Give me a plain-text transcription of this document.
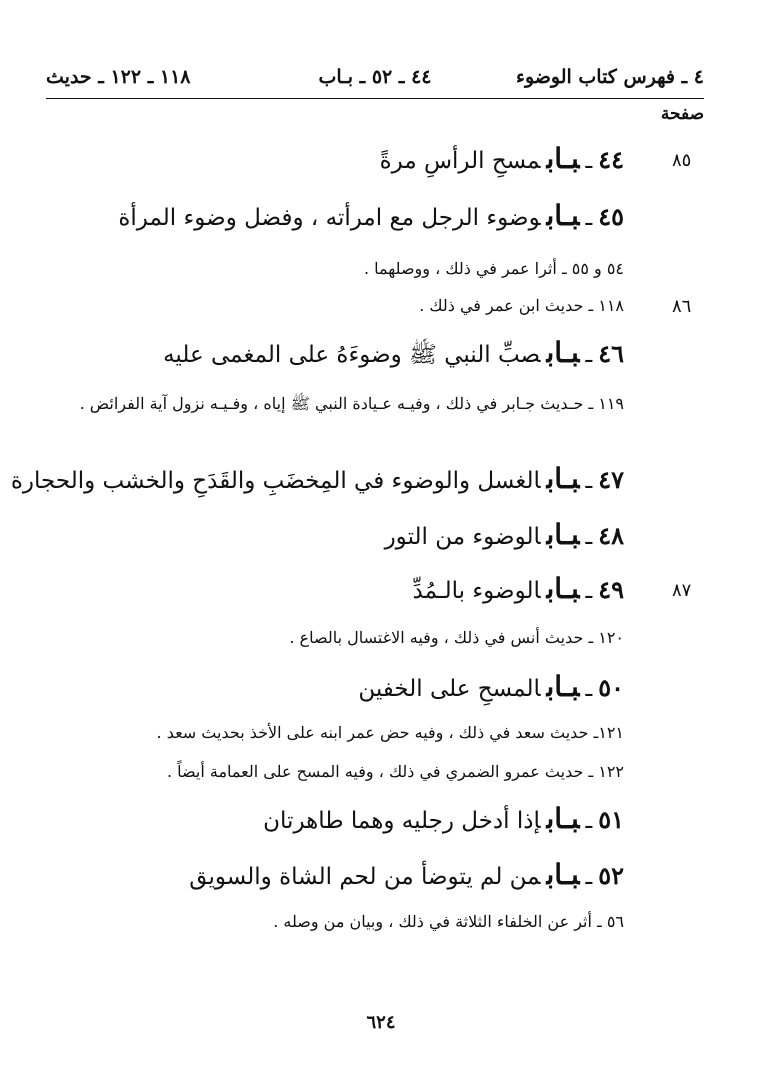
٤ ـ فهرس كتاب الوضوء
٤٤ ـ ٥٢ ـ بـاب
١١٨ ـ ١٢٢ ـ حديث
صفحة
٤٤ـبـابمسحِ الرأسِ مرةً	٨٥
٤٥ـبـابوضوء الرجل مع امرأته ، وفضل وضوء المرأة
٥٤ و ٥٥ ـ أثرا عمر في ذلك ، ووصلهما .
١١٨ ـ حديث ابن عمر في ذلك .	٨٦
٤٦ـبـابصبِّ النبي ﷺ وضوءَهُ على المغمى عليه
١١٩ ـ حـديث جـابر في ذلك ، وفيـه عـيادة النبي ﷺ إياه ، وفـيـه نزول آية الفرائض .
٤٧ـبـابالغسل والوضوء في المِخضَبِ والقَدَحِ والخشب والحجارة
٤٨ـبـابالوضوء من التور
٤٩ـبـابالوضوء بالـمُدِّ	٨٧
١٢٠ ـ حديث أنس في ذلك ، وفيه الاغتسال بالصاع .
٥٠ـبـابالمسحِ على الخفين
١٢١ـ حديث سعد في ذلك ، وفيه حض عمر ابنه على الأخذ بحديث سعد .
١٢٢ ـ حديث عمرو الضمري في ذلك ، وفيه المسح على العمامة أيضاً .
٥١ـبـابإذا أدخل رجليه وهما طاهرتان
٥٢ـبـابمن لم يتوضأ من لحم الشاة والسويق
٥٦ ـ أثر عن الخلفاء الثلاثة في ذلك ، وبيان من وصله .
٦٢٤
